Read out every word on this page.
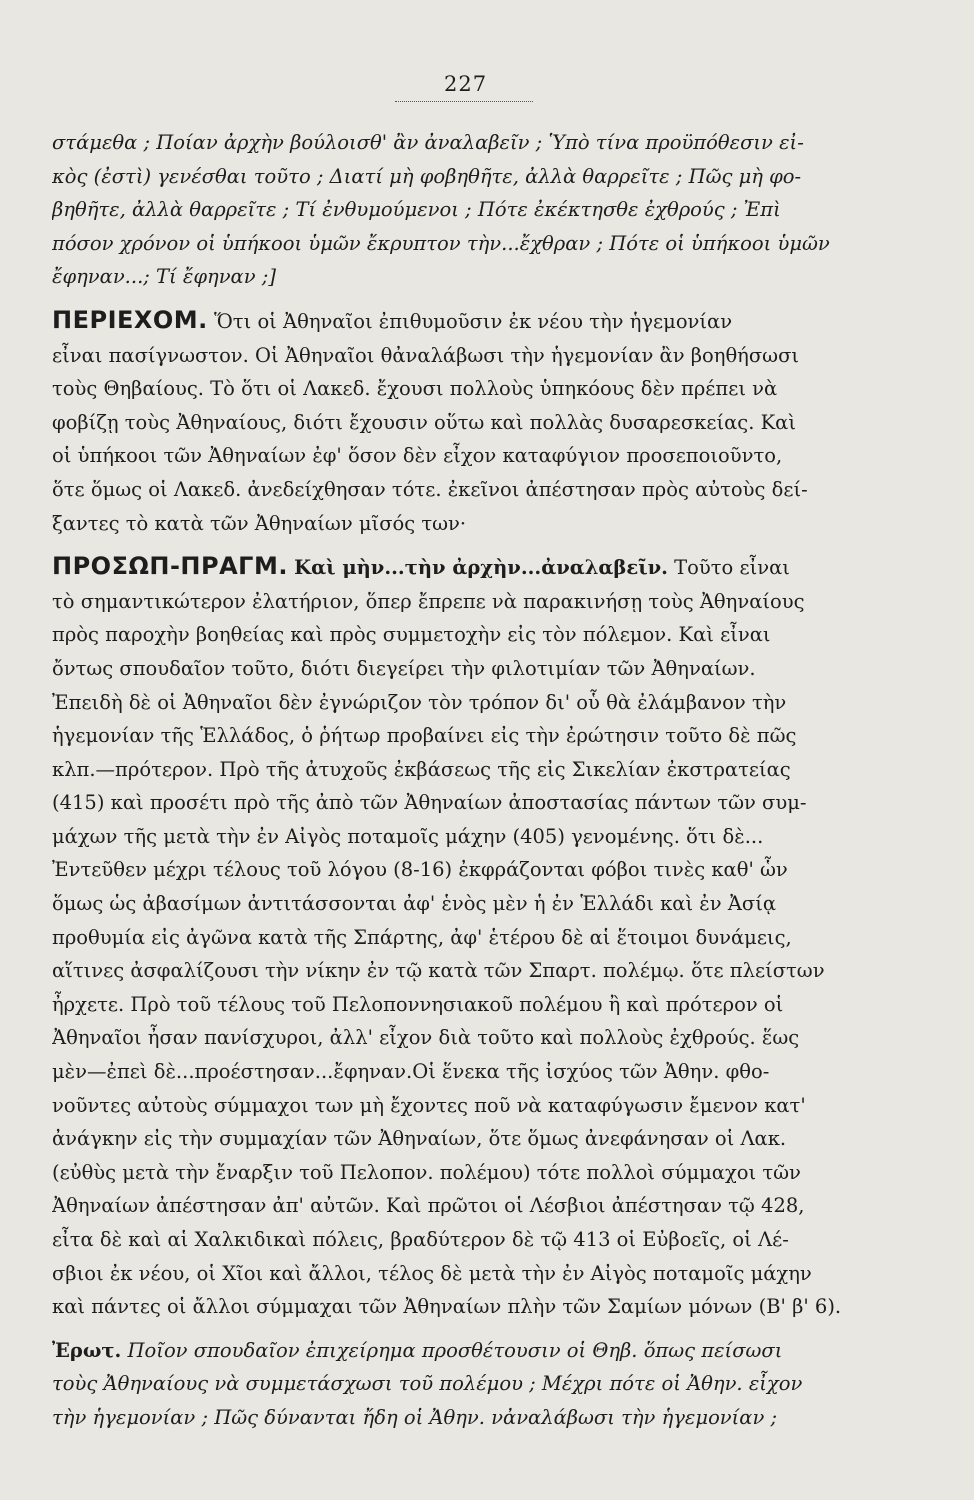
227
στάμεθα ; Ποίαν ἀρχὴν βούλοισθ' ἂν ἀναλαβεῖν ; Ὑπὸ τίνα προϋπόθεσιν εἰ-
κὸς (ἐστὶ) γενέσθαι τοῦτο ; Διατί μὴ φοβηθῆτε, ἀλλὰ θαρρεῖτε ; Πῶς μὴ φο-
βηθῆτε, ἀλλὰ θαρρεῖτε ; Τί ἐνθυμούμενοι ; Πότε ἐκέκτησθε ἐχθρούς ; Ἐπὶ
πόσον χρόνον οἱ ὑπήκοοι ὑμῶν ἔκρυπτον τὴν...ἔχθραν ; Πότε οἱ ὑπήκοοι ὑμῶν
ἔφηναν...; Τί ἔφηναν ;]
ΠΕΡΙΕΧΟΜ. Ὅτι οἱ Ἀθηναῖοι ἐπιθυμοῦσιν ἐκ νέου τὴν ἡγεμονίαν
εἶναι πασίγνωστον. Οἱ Ἀθηναῖοι θἀναλάβωσι τὴν ἡγεμονίαν ἂν βοηθήσωσι
τοὺς Θηβαίους. Τὸ ὅτι οἱ Λακεδ. ἔχουσι πολλοὺς ὑπηκόους δὲν πρέπει νὰ
φοβίζῃ τοὺς Ἀθηναίους, διότι ἔχουσιν οὕτω καὶ πολλὰς δυσαρεσκείας. Καὶ
οἱ ὑπήκοοι τῶν Ἀθηναίων ἐφ' ὅσον δὲν εἶχον καταφύγιον προσεποιοῦντο,
ὅτε ὅμως οἱ Λακεδ. ἀνεδείχθησαν τότε. ἐκεῖνοι ἀπέστησαν πρὸς αὐτοὺς δεί-
ξαντες τὸ κατὰ τῶν Ἀθηναίων μῖσός των·
ΠΡΟΣΩΠ-ΠΡΑΓΜ. Καὶ μὴν...τὴν ἀρχὴν...ἀναλαβεῖν. Τοῦτο εἶναι
τὸ σημαντικώτερον ἐλατήριον, ὅπερ ἔπρεπε νὰ παρακινήσῃ τοὺς Ἀθηναίους
πρὸς παροχὴν βοηθείας καὶ πρὸς συμμετοχὴν εἰς τὸν πόλεμον. Καὶ εἶναι
ὄντως σπουδαῖον τοῦτο, διότι διεγείρει τὴν φιλοτιμίαν τῶν Ἀθηναίων.
Ἐπειδὴ δὲ οἱ Ἀθηναῖοι δὲν ἐγνώριζον τὸν τρόπον δι' οὗ θὰ ἐλάμβανον τὴν
ἡγεμονίαν τῆς Ἑλλάδος, ὁ ῥήτωρ προβαίνει εἰς τὴν ἐρώτησιν τοῦτο δὲ πῶς
κλπ.—πρότερον. Πρὸ τῆς ἀτυχοῦς ἐκβάσεως τῆς εἰς Σικελίαν ἐκστρατείας
(415) καὶ προσέτι πρὸ τῆς ἀπὸ τῶν Ἀθηναίων ἀποστασίας πάντων τῶν συμ-
μάχων τῆς μετὰ τὴν ἐν Αἰγὸς ποταμοῖς μάχην (405) γενομένης. ὅτι δὲ...
Ἐντεῦθεν μέχρι τέλους τοῦ λόγου (8-16) ἐκφράζονται φόβοι τινὲς καθ' ὧν
ὅμως ὡς ἀβασίμων ἀντιτάσσονται ἀφ' ἑνὸς μὲν ἡ ἐν Ἑλλάδι καὶ ἐν Ἀσίᾳ
προθυμία εἰς ἀγῶνα κατὰ τῆς Σπάρτης, ἀφ' ἑτέρου δὲ αἱ ἕτοιμοι δυνάμεις,
αἵτινες ἀσφαλίζουσι τὴν νίκην ἐν τῷ κατὰ τῶν Σπαρτ. πολέμῳ. ὅτε πλείστων
ἦρχετε. Πρὸ τοῦ τέλους τοῦ Πελοποννησιακοῦ πολέμου ἢ καὶ πρότερον οἱ
Ἀθηναῖοι ἦσαν πανίσχυροι, ἀλλ' εἶχον διὰ τοῦτο καὶ πολλοὺς ἐχθρούς. ἕως
μὲν—ἐπεὶ δὲ...προέστησαν...ἔφηναν.Οἱ ἕνεκα τῆς ἰσχύος τῶν Ἀθην. φθο-
νοῦντες αὐτοὺς σύμμαχοι των μὴ ἔχοντες ποῦ νὰ καταφύγωσιν ἔμενον κατ'
ἀνάγκην εἰς τὴν συμμαχίαν τῶν Ἀθηναίων, ὅτε ὅμως ἀνεφάνησαν οἱ Λακ.
(εὐθὺς μετὰ τὴν ἔναρξιν τοῦ Πελοπον. πολέμου) τότε πολλοὶ σύμμαχοι τῶν
Ἀθηναίων ἀπέστησαν ἀπ' αὐτῶν. Καὶ πρῶτοι οἱ Λέσβιοι ἀπέστησαν τῷ 428,
εἶτα δὲ καὶ αἱ Χαλκιδικαὶ πόλεις, βραδύτερον δὲ τῷ 413 οἱ Εὐβοεῖς, οἱ Λέ-
σβιοι ἐκ νέου, οἱ Χῖοι καὶ ἄλλοι, τέλος δὲ μετὰ τὴν ἐν Αἰγὸς ποταμοῖς μάχην
καὶ πάντες οἱ ἄλλοι σύμμαχαι τῶν Ἀθηναίων πλὴν τῶν Σαμίων μόνων (Β' β' 6).
Ἐρωτ. Ποῖον σπουδαῖον ἐπιχείρημα προσθέτουσιν οἱ Θηβ. ὅπως πείσωσι
τοὺς Ἀθηναίους νὰ συμμετάσχωσι τοῦ πολέμου ; Μέχρι πότε οἱ Ἀθην. εἶχον
τὴν ἡγεμονίαν ; Πῶς δύνανται ἤδη οἱ Ἀθην. νἀναλάβωσι τὴν ἡγεμονίαν ;
